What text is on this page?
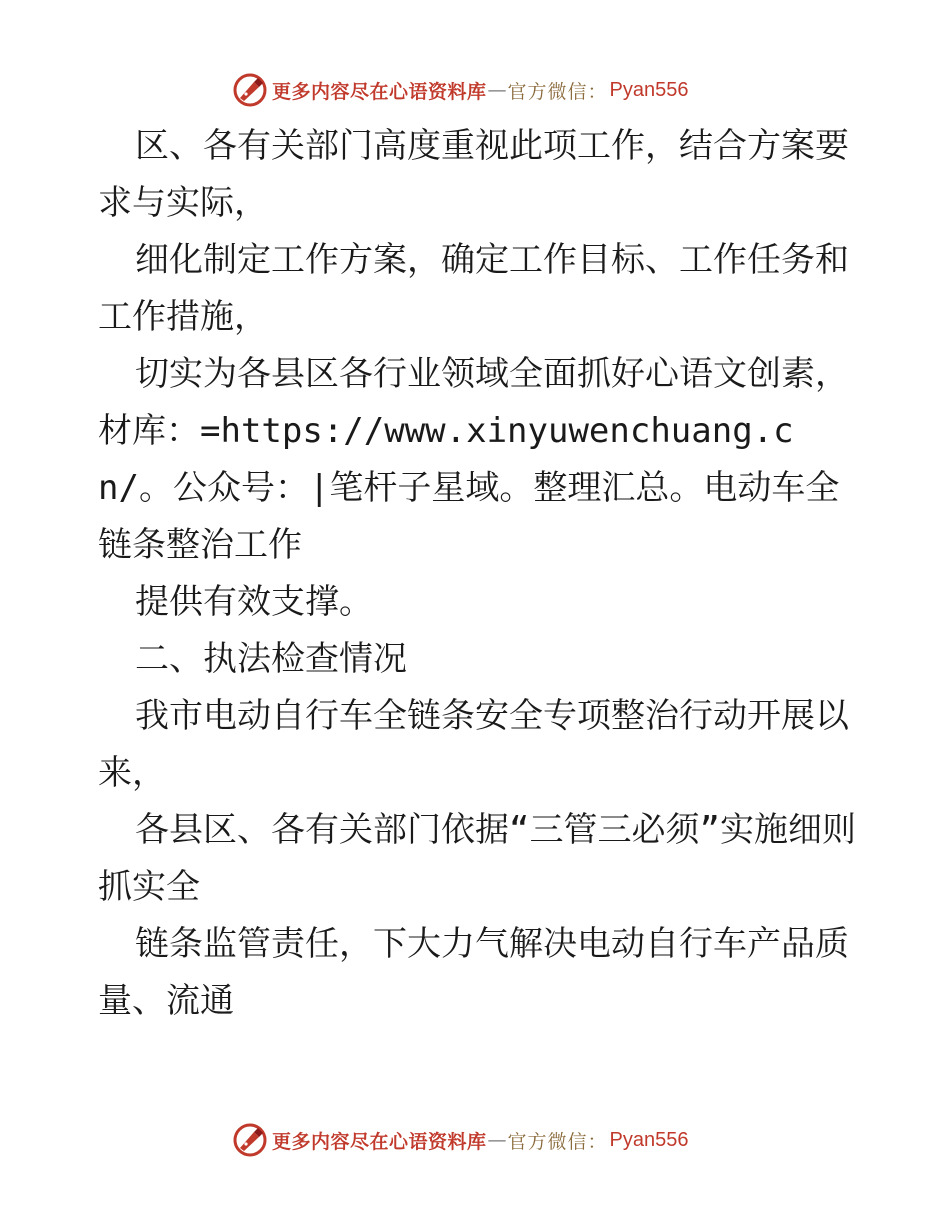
更多内容尽在心语资料库 — 官方微信： Pyan556

区、各有关部门高度重视此项工作，结合方案要求与实际，

细化制定工作方案，确定工作目标、工作任务和工作措施，

切实为各县区各行业领域全面抓好心语文创素，材库：=https://www.xinyuwenchuang.cn/。公众号：|笔杆子星域。整理汇总。电动车全链条整治工作

提供有效支撑。

二、执法检查情况

我市电动自行车全链条安全专项整治行动开展以来，

各县区、各有关部门依据“三管三必须”实施细则抓实全

链条监管责任，下大力气解决电动自行车产品质量、流通

更多内容尽在心语资料库 — 官方微信： Pyan556
